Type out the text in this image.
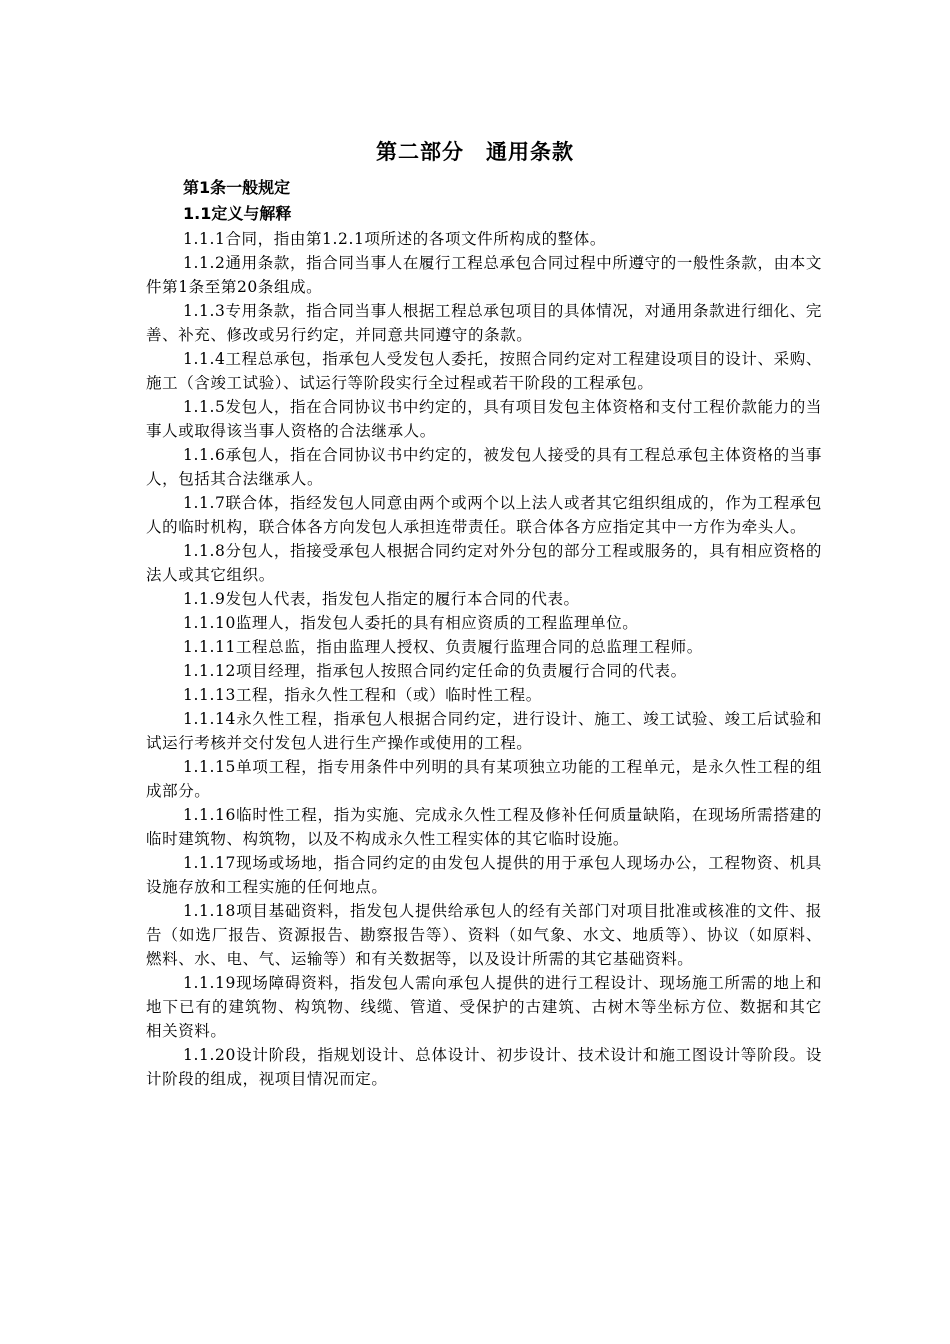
第二部分　通用条款

第1条一般规定

1.1定义与解释

1.1.1合同，指由第1.2.1项所述的各项文件所构成的整体。

1.1.2通用条款，指合同当事人在履行工程总承包合同过程中所遵守的一般性条款，由本文件第1条至第20条组成。

1.1.3专用条款，指合同当事人根据工程总承包项目的具体情况，对通用条款进行细化、完善、补充、修改或另行约定，并同意共同遵守的条款。

1.1.4工程总承包，指承包人受发包人委托，按照合同约定对工程建设项目的设计、采购、施工（含竣工试验）、试运行等阶段实行全过程或若干阶段的工程承包。

1.1.5发包人，指在合同协议书中约定的，具有项目发包主体资格和支付工程价款能力的当事人或取得该当事人资格的合法继承人。

1.1.6承包人，指在合同协议书中约定的，被发包人接受的具有工程总承包主体资格的当事人，包括其合法继承人。

1.1.7联合体，指经发包人同意由两个或两个以上法人或者其它组织组成的，作为工程承包人的临时机构，联合体各方向发包人承担连带责任。联合体各方应指定其中一方作为牵头人。

1.1.8分包人，指接受承包人根据合同约定对外分包的部分工程或服务的，具有相应资格的法人或其它组织。

1.1.9发包人代表，指发包人指定的履行本合同的代表。

1.1.10监理人，指发包人委托的具有相应资质的工程监理单位。

1.1.11工程总监，指由监理人授权、负责履行监理合同的总监理工程师。

1.1.12项目经理，指承包人按照合同约定任命的负责履行合同的代表。

1.1.13工程，指永久性工程和（或）临时性工程。

1.1.14永久性工程，指承包人根据合同约定，进行设计、施工、竣工试验、竣工后试验和试运行考核并交付发包人进行生产操作或使用的工程。

1.1.15单项工程，指专用条件中列明的具有某项独立功能的工程单元，是永久性工程的组成部分。

1.1.16临时性工程，指为实施、完成永久性工程及修补任何质量缺陷，在现场所需搭建的临时建筑物、构筑物，以及不构成永久性工程实体的其它临时设施。

1.1.17现场或场地，指合同约定的由发包人提供的用于承包人现场办公，工程物资、机具设施存放和工程实施的任何地点。

1.1.18项目基础资料，指发包人提供给承包人的经有关部门对项目批准或核准的文件、报告（如选厂报告、资源报告、勘察报告等）、资料（如气象、水文、地质等）、协议（如原料、燃料、水、电、气、运输等）和有关数据等，以及设计所需的其它基础资料。

1.1.19现场障碍资料，指发包人需向承包人提供的进行工程设计、现场施工所需的地上和地下已有的建筑物、构筑物、线缆、管道、受保护的古建筑、古树木等坐标方位、数据和其它相关资料。

1.1.20设计阶段，指规划设计、总体设计、初步设计、技术设计和施工图设计等阶段。设计阶段的组成，视项目情况而定。
